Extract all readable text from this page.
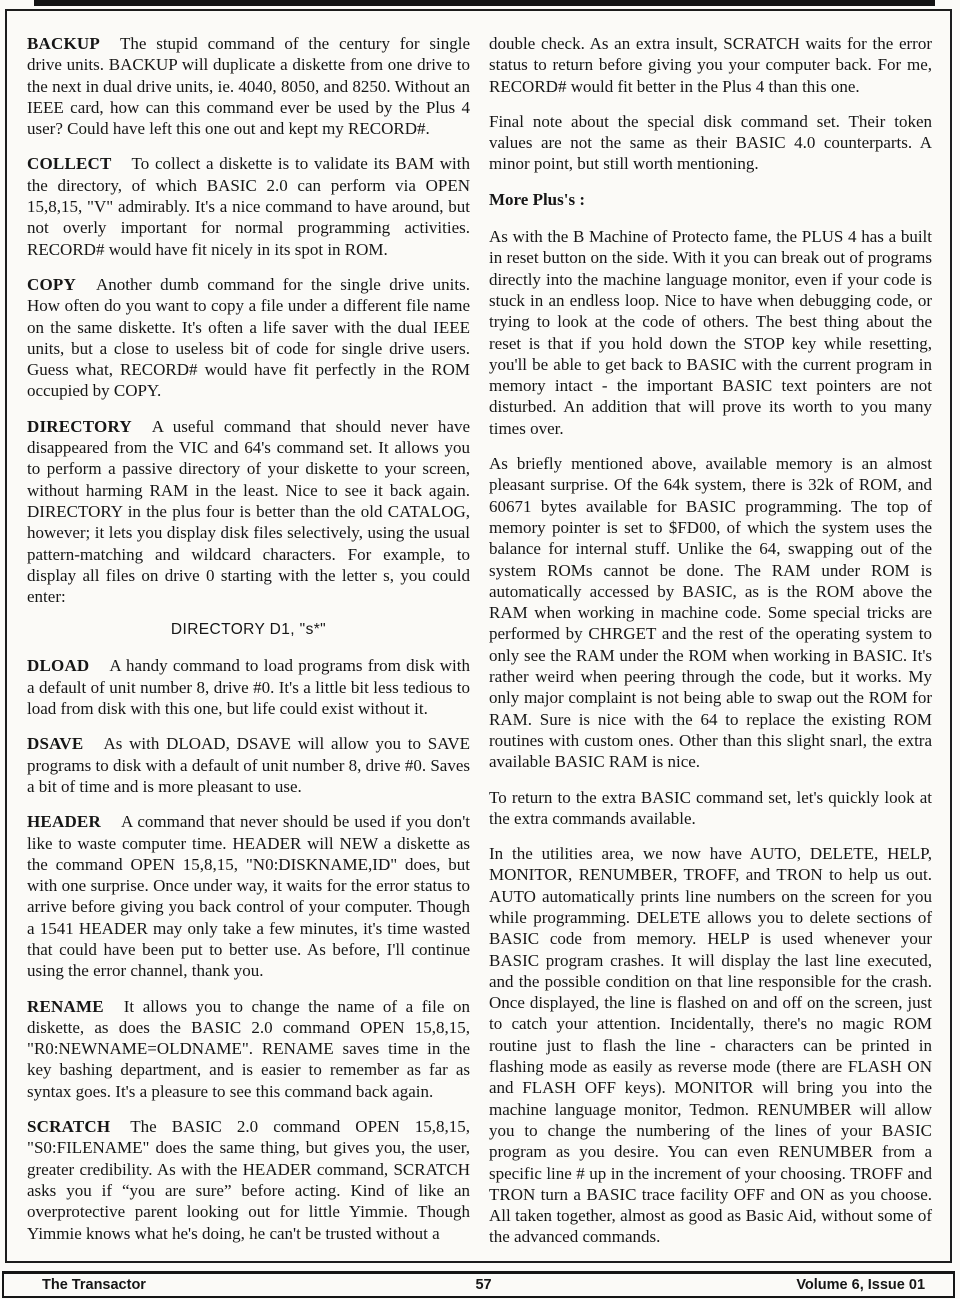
BACKUP The stupid command of the century for single drive units. BACKUP will duplicate a diskette from one drive to the next in dual drive units, ie. 4040, 8050, and 8250. Without an IEEE card, how can this command ever be used by the Plus 4 user? Could have left this one out and kept my RECORD#.

COLLECT To collect a diskette is to validate its BAM with the directory, of which BASIC 2.0 can perform via OPEN 15,8,15, "V" admirably. It's a nice command to have around, but not overly important for normal programming activities. RECORD# would have fit nicely in its spot in ROM.

COPY Another dumb command for the single drive units. How often do you want to copy a file under a different file name on the same diskette. It's often a life saver with the dual IEEE units, but a close to useless bit of code for single drive users. Guess what, RECORD# would have fit perfectly in the ROM occupied by COPY.

DIRECTORY A useful command that should never have disappeared from the VIC and 64's command set. It allows you to perform a passive directory of your diskette to your screen, without harming RAM in the least. Nice to see it back again. DIRECTORY in the plus four is better than the old CATALOG, however; it lets you display disk files selectively, using the usual pattern-matching and wildcard characters. For example, to display all files on drive 0 starting with the letter s, you could enter:

DIRECTORY D1, "s*"

DLOAD A handy command to load programs from disk with a default of unit number 8, drive #0. It's a little bit less tedious to load from disk with this one, but life could exist without it.

DSAVE As with DLOAD, DSAVE will allow you to SAVE programs to disk with a default of unit number 8, drive #0. Saves a bit of time and is more pleasant to use.

HEADER A command that never should be used if you don't like to waste computer time. HEADER will NEW a diskette as the command OPEN 15,8,15, "N0:DISKNAME,ID" does, but with one surprise. Once under way, it waits for the error status to arrive before giving you back control of your computer. Though a 1541 HEADER may only take a few minutes, it's time wasted that could have been put to better use. As before, I'll continue using the error channel, thank you.

RENAME It allows you to change the name of a file on diskette, as does the BASIC 2.0 command OPEN 15,8,15, "R0:NEWNAME=OLDNAME". RENAME saves time in the key bashing department, and is easier to remember as far as syntax goes. It's a pleasure to see this command back again.

SCRATCH The BASIC 2.0 command OPEN 15,8,15, "S0:FILENAME" does the same thing, but gives you, the user, greater credibility. As with the HEADER command, SCRATCH asks you if “you are sure” before acting. Kind of like an overprotective parent looking out for little Yimmie. Though Yimmie knows what he's doing, he can't be trusted without a

double check. As an extra insult, SCRATCH waits for the error status to return before giving you your computer back. For me, RECORD# would fit better in the Plus 4 than this one.

Final note about the special disk command set. Their token values are not the same as their BASIC 4.0 counterparts. A minor point, but still worth mentioning.

More Plus's :

As with the B Machine of Protecto fame, the PLUS 4 has a built in reset button on the side. With it you can break out of programs directly into the machine language monitor, even if your code is stuck in an endless loop. Nice to have when debugging code, or trying to look at the code of others. The best thing about the reset is that if you hold down the STOP key while resetting, you'll be able to get back to BASIC with the current program in memory intact - the important BASIC text pointers are not disturbed. An addition that will prove its worth to you many times over.

As briefly mentioned above, available memory is an almost pleasant surprise. Of the 64k system, there is 32k of ROM, and 60671 bytes available for BASIC programming. The top of memory pointer is set to $FD00, of which the system uses the balance for internal stuff. Unlike the 64, swapping out of the system ROMs cannot be done. The RAM under ROM is automatically accessed by BASIC, as is the ROM above the RAM when working in machine code. Some special tricks are performed by CHRGET and the rest of the operating system to only see the RAM under the ROM when working in BASIC. It's rather weird when peering through the code, but it works. My only major complaint is not being able to swap out the ROM for RAM. Sure is nice with the 64 to replace the existing ROM routines with custom ones. Other than this slight snarl, the extra available BASIC RAM is nice.

To return to the extra BASIC command set, let's quickly look at the extra commands available.

In the utilities area, we now have AUTO, DELETE, HELP, MONITOR, RENUMBER, TROFF, and TRON to help us out. AUTO automatically prints line numbers on the screen for you while programming. DELETE allows you to delete sections of BASIC code from memory. HELP is used whenever your BASIC program crashes. It will display the last line executed, and the possible condition on that line responsible for the crash. Once displayed, the line is flashed on and off on the screen, just to catch your attention. Incidentally, there's no magic ROM routine just to flash the line - characters can be printed in flashing mode as easily as reverse mode (there are FLASH ON and FLASH OFF keys). MONITOR will bring you into the machine language monitor, Tedmon. RENUMBER will allow you to change the numbering of the lines of your BASIC program as you desire. You can even RENUMBER from a specific line # up in the increment of your choosing. TROFF and TRON turn a BASIC trace facility OFF and ON as you choose. All taken together, almost as good as Basic Aid, without some of the advanced commands.

The Transactor	57	Volume 6, Issue 01
